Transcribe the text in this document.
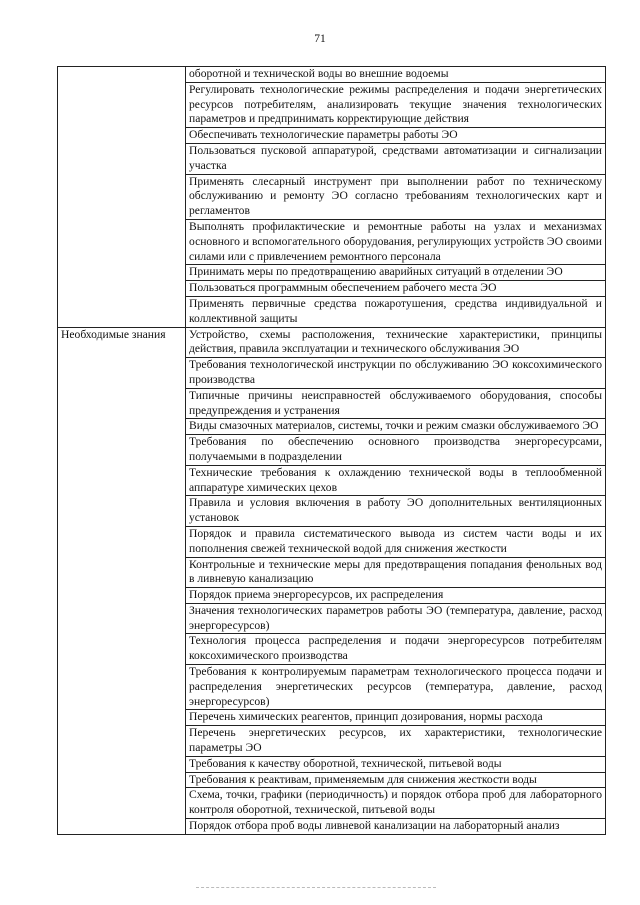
71
	оборотной и технической воды во внешние водоемы
	Регулировать технологические режимы распределения и подачи энергетических ресурсов потребителям, анализировать текущие значения технологических параметров и предпринимать корректирующие действия
	Обеспечивать технологические параметры работы ЭО
	Пользоваться пусковой аппаратурой, средствами автоматизации и сигнализации участка
	Применять слесарный инструмент при выполнении работ по техническому обслуживанию и ремонту ЭО согласно требованиям технологических карт и регламентов
	Выполнять профилактические и ремонтные работы на узлах и механизмах основного и вспомогательного оборудования, регулирующих устройств ЭО своими силами или с привлечением ремонтного персонала
	Принимать меры по предотвращению аварийных ситуаций в отделении ЭО
	Пользоваться программным обеспечением рабочего места ЭО
	Применять первичные средства пожаротушения, средства индивидуальной и коллективной защиты
Необходимые знания	Устройство, схемы расположения, технические характеристики, принципы действия, правила эксплуатации и технического обслуживания ЭО
	Требования технологической инструкции по обслуживанию ЭО коксохимического производства
	Типичные причины неисправностей обслуживаемого оборудования, способы предупреждения и устранения
	Виды смазочных материалов, системы, точки и режим смазки обслуживаемого ЭО
	Требования по обеспечению основного производства энергоресурсами, получаемыми в подразделении
	Технические требования к охлаждению технической воды в теплообменной аппаратуре химических цехов
	Правила и условия включения в работу ЭО дополнительных вентиляционных установок
	Порядок и правила систематического вывода из систем части воды и их пополнения свежей технической водой для снижения жесткости
	Контрольные и технические меры для предотвращения попадания фенольных вод в ливневую канализацию
	Порядок приема энергоресурсов, их распределения
	Значения технологических параметров работы ЭО (температура, давление, расход энергоресурсов)
	Технология процесса распределения и подачи энергоресурсов потребителям коксохимического производства
	Требования к контролируемым параметрам технологического процесса подачи и распределения энергетических ресурсов (температура, давление, расход энергоресурсов)
	Перечень химических реагентов, принцип дозирования, нормы расхода
	Перечень энергетических ресурсов, их характеристики, технологические параметры ЭО
	Требования к качеству оборотной, технической, питьевой воды
	Требования к реактивам, применяемым для снижения жесткости воды
	Схема, точки, графики (периодичность) и порядок отбора проб для лабораторного контроля оборотной, технической, питьевой воды
	Порядок отбора проб воды ливневой канализации на лабораторный анализ
